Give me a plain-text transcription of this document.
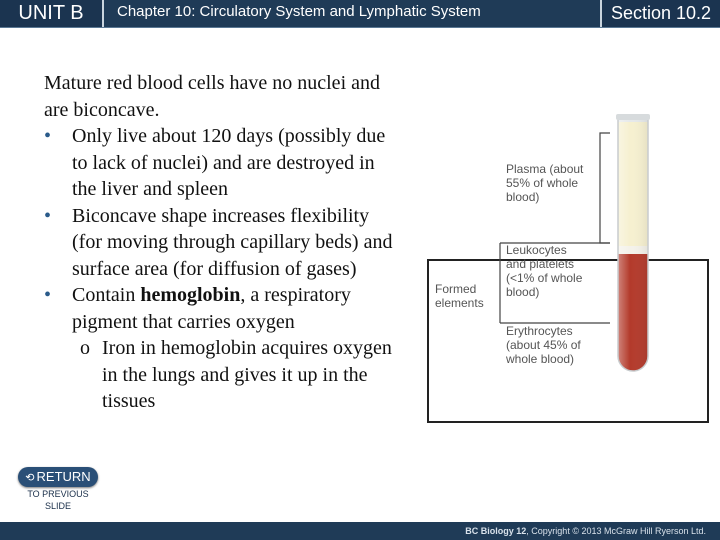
UNIT B	Chapter 10: Circulatory System and Lymphatic System	Section 10.2

Mature red blood cells have no nuclei and are biconcave.

• Only live about 120 days (possibly due to lack of nuclei) and are destroyed in the liver and spleen

• Biconcave shape increases flexibility (for moving through capillary beds) and surface area (for diffusion of gases)

• Contain hemoglobin, a respiratory pigment that carries oxygen

o Iron in hemoglobin acquires oxygen in the lungs and gives it up in the tissues

Plasma (about 55% of whole blood)
Leukocytes and platelets (<1% of whole blood)
Erythrocytes (about 45% of whole blood)
Formed elements
⟲ RETURN
TO PREVIOUS SLIDE
BC Biology 12, Copyright © 2013 McGraw Hill Ryerson Ltd.
